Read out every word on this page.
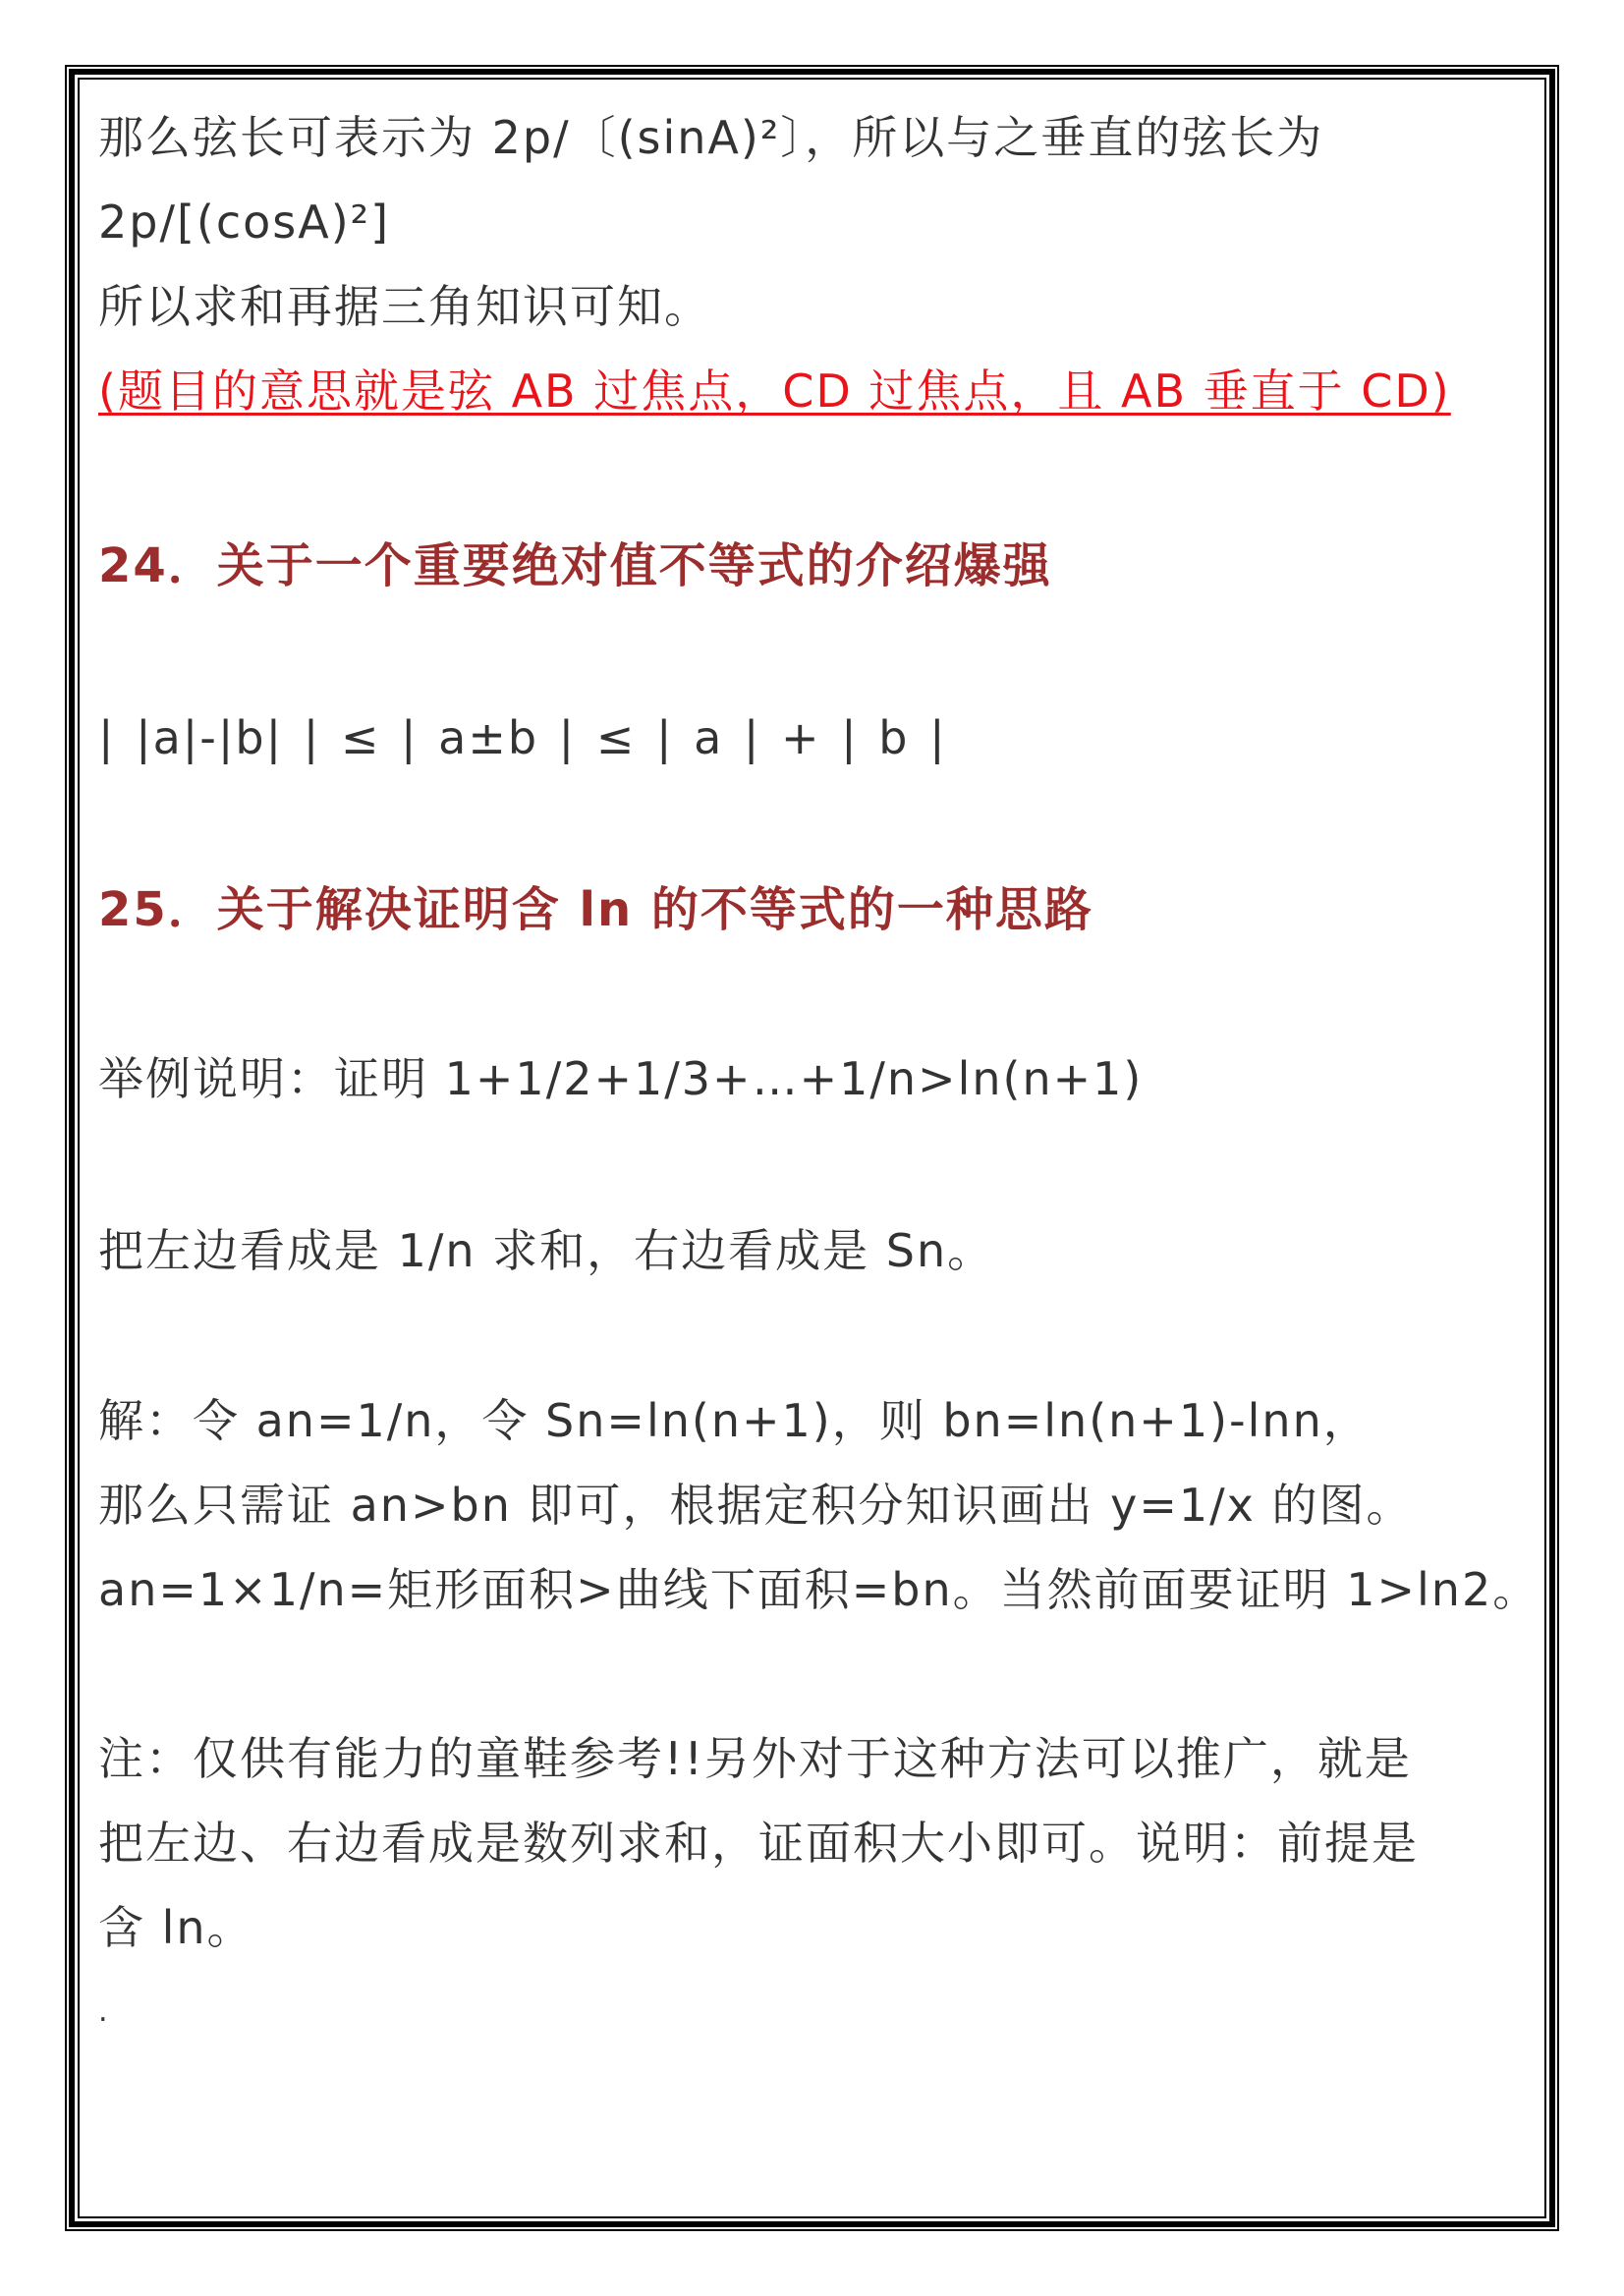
那么弦长可表示为 2p/〔(sinA)²〕，所以与之垂直的弦长为
2p/[(cosA)²]
所以求和再据三角知识可知。
(题目的意思就是弦 AB 过焦点，CD 过焦点，且 AB 垂直于 CD)
24．关于一个重要绝对值不等式的介绍爆强
| |a|-|b| | ≤ | a±b | ≤ | a | + | b |
25．关于解决证明含 ln 的不等式的一种思路
举例说明：证明 1+1/2+1/3+…+1/n>ln(n+1)
把左边看成是 1/n 求和，右边看成是 Sn。
解：令 an=1/n，令 Sn=ln(n+1)，则 bn=ln(n+1)-lnn，
那么只需证 an>bn 即可，根据定积分知识画出 y=1/x 的图。
an=1×1/n=矩形面积>曲线下面积=bn。当然前面要证明 1>ln2。
注：仅供有能力的童鞋参考!!另外对于这种方法可以推广，就是
把左边、右边看成是数列求和，证面积大小即可。说明：前提是
含 ln。
.
